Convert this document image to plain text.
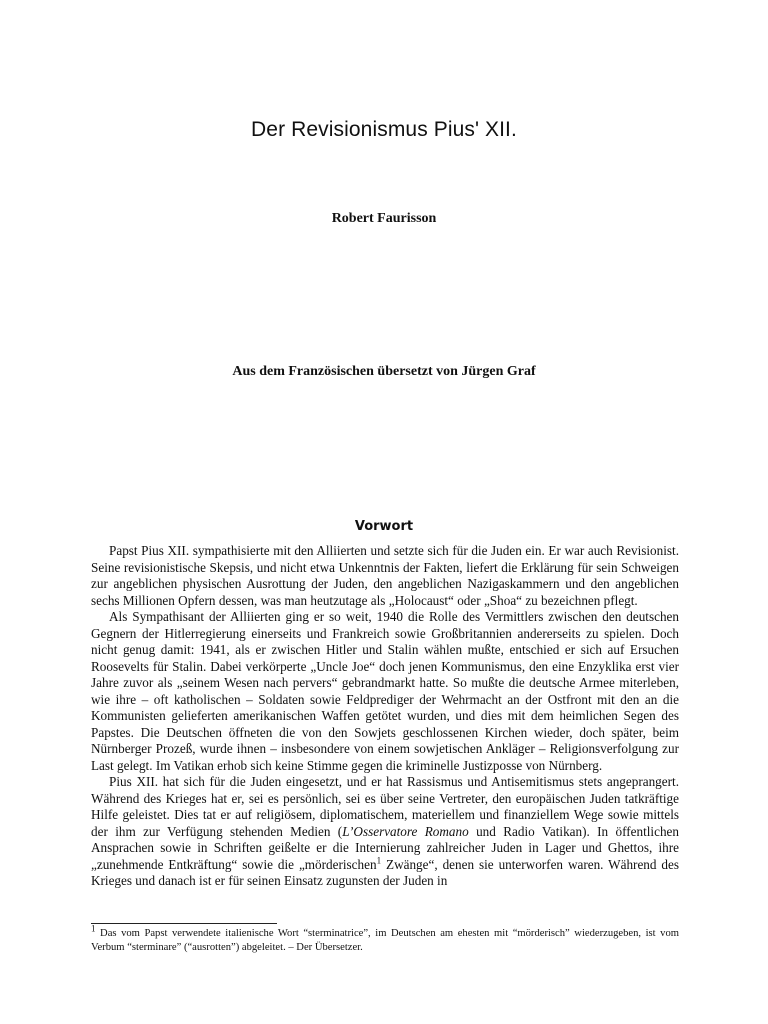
Der Revisionismus Pius' XII.
Robert Faurisson
Aus dem Französischen übersetzt von Jürgen Graf
Vorwort

Papst Pius XII. sympathisierte mit den Alliierten und setzte sich für die Juden ein. Er war auch Revisionist. Seine revisionistische Skepsis, und nicht etwa Unkenntnis der Fakten, liefert die Erklärung für sein Schweigen zur angeblichen physischen Ausrottung der Juden, den angeblichen Nazigaskammern und den angeblichen sechs Millionen Opfern dessen, was man heutzutage als „Holocaust“ oder „Shoa“ zu bezeichnen pflegt.

Als Sympathisant der Alliierten ging er so weit, 1940 die Rolle des Vermittlers zwischen den deutschen Gegnern der Hitlerregierung einerseits und Frankreich sowie Großbritannien andererseits zu spielen. Doch nicht genug damit: 1941, als er zwischen Hitler und Stalin wählen mußte, entschied er sich auf Ersuchen Roosevelts für Stalin. Dabei verkörperte „Uncle Joe“ doch jenen Kommunismus, den eine Enzyklika erst vier Jahre zuvor als „seinem Wesen nach pervers“ gebrandmarkt hatte. So mußte die deutsche Armee miterleben, wie ihre – oft katholischen – Soldaten sowie Feldprediger der Wehrmacht an der Ostfront mit den an die Kommunisten gelieferten amerikanischen Waffen getötet wurden, und dies mit dem heimlichen Segen des Papstes. Die Deutschen öffneten die von den Sowjets geschlossenen Kirchen wieder, doch später, beim Nürnberger Prozeß, wurde ihnen – insbesondere von einem sowjetischen Ankläger – Religionsverfolgung zur Last gelegt. Im Vatikan erhob sich keine Stimme gegen die kriminelle Justizposse von Nürnberg.

Pius XII. hat sich für die Juden eingesetzt, und er hat Rassismus und Antisemitismus stets angeprangert. Während des Krieges hat er, sei es persönlich, sei es über seine Vertreter, den europäischen Juden tatkräftige Hilfe geleistet. Dies tat er auf religiösem, diplomatischem, materiellem und finanziellem Wege sowie mittels der ihm zur Verfügung stehenden Medien (L’Osservatore Romano und Radio Vatikan). In öffentlichen Ansprachen sowie in Schriften geißelte er die Internierung zahlreicher Juden in Lager und Ghettos, ihre „zunehmende Entkräftung“ sowie die „mörderischen$^1$ Zwänge“, denen sie unterworfen waren. Während des Krieges und danach ist er für seinen Einsatz zugunsten der Juden in

$^1$ Das vom Papst verwendete italienische Wort “sterminatrice”, im Deutschen am ehesten mit “mörderisch” wiederzugeben, ist vom Verbum “sterminare” (“ausrotten”) abgeleitet. – Der Übersetzer.
